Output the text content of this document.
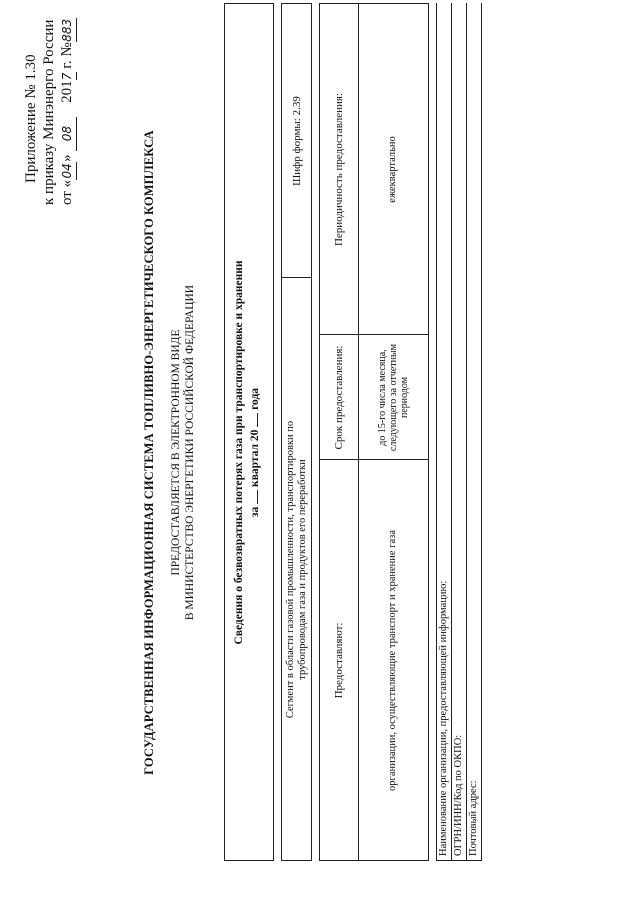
Приложение № 1.30 к приказу Минэнерго России от «04» 08 2017 г. №883
ГОСУДАРСТВЕННАЯ ИНФОРМАЦИОННАЯ СИСТЕМА ТОПЛИВНО-ЭНЕРГЕТИЧЕСКОГО КОМПЛЕКСА ПРЕДОСТАВЛЯЕТСЯ В ЭЛЕКТРОННОМ ВИДЕ В МИНИСТЕРСТВО ЭНЕРГЕТИКИ РОССИЙСКОЙ ФЕДЕРАЦИИ	Сведения о безвозвратных потерях газа при транспортировке и хранении за  квартал 20  года
Сегмент в области газовой промышленности, транспортировки по трубопроводам газа и продуктов его переработки
Шифр формы: 2.39
Предоставляют:
Срок предоставления:
Периодичность предоставления:
организации, осуществляющие транспорт и хранение газа
до 15-го числа месяца, следующего за отчетным периодом
ежеквартально
Наименование организации, предоставляющей информацию: ОГРН/ИНН/Код по ОКПО: Почтовый адрес:
